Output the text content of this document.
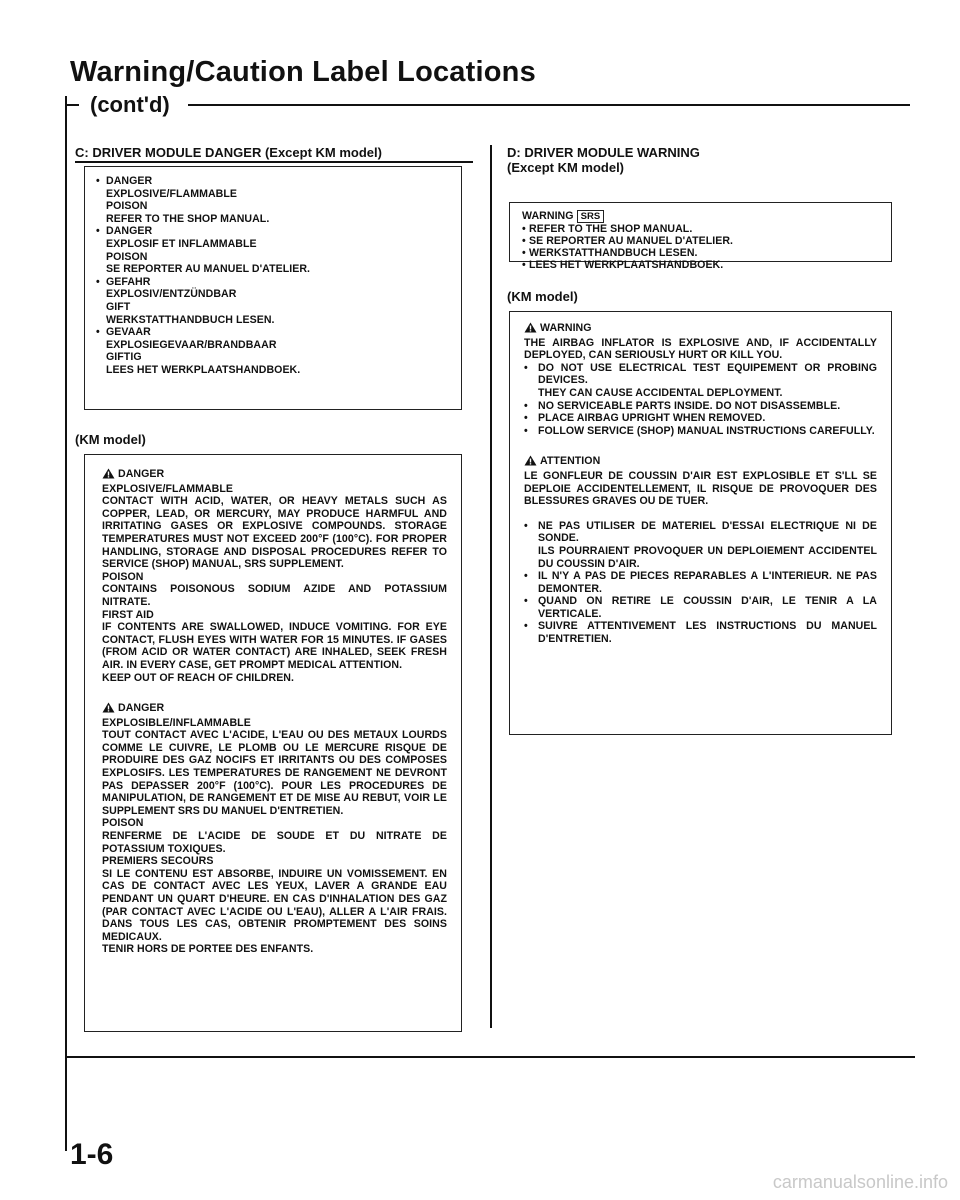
Warning/Caution Label Locations
(cont'd)
C: DRIVER MODULE DANGER (Except KM model)
• DANGER
EXPLOSIVE/FLAMMABLE
POISON
REFER TO THE SHOP MANUAL.
• DANGER
EXPLOSIF ET INFLAMMABLE
POISON
SE REPORTER AU MANUEL D'ATELIER.
• GEFAHR
EXPLOSIV/ENTZÜNDBAR
GIFT
WERKSTATTHANDBUCH LESEN.
• GEVAAR
EXPLOSIEGEVAAR/BRANDBAAR
GIFTIG
LEES HET WERKPLAATSHANDBOEK.
(KM model)

DANGER

EXPLOSIVE/FLAMMABLE

CONTACT WITH ACID, WATER, OR HEAVY METALS SUCH AS COPPER, LEAD, OR MERCURY, MAY PRODUCE HARMFUL AND IRRITATING GASES OR EXPLOSIVE COMPOUNDS. STORAGE TEMPERATURES MUST NOT EXCEED 200°F (100°C). FOR PROPER HANDLING, STORAGE AND DISPOSAL PROCEDURES REFER TO SERVICE (SHOP) MANUAL, SRS SUPPLEMENT.

POISON

CONTAINS POISONOUS SODIUM AZIDE AND POTASSIUM NITRATE.

FIRST AID

IF CONTENTS ARE SWALLOWED, INDUCE VOMITING. FOR EYE CONTACT, FLUSH EYES WITH WATER FOR 15 MINUTES. IF GASES (FROM ACID OR WATER CONTACT) ARE INHALED, SEEK FRESH AIR. IN EVERY CASE, GET PROMPT MEDICAL ATTENTION.

KEEP OUT OF REACH OF CHILDREN.

DANGER

EXPLOSIBLE/INFLAMMABLE

TOUT CONTACT AVEC L'ACIDE, L'EAU OU DES METAUX LOURDS COMME LE CUIVRE, LE PLOMB OU LE MERCURE RISQUE DE PRODUIRE DES GAZ NOCIFS ET IRRITANTS OU DES COMPOSES EXPLOSIFS. LES TEMPERATURES DE RANGEMENT NE DEVRONT PAS DEPASSER 200°F (100°C). POUR LES PROCEDURES DE MANIPULATION, DE RANGEMENT ET DE MISE AU REBUT, VOIR LE SUPPLEMENT SRS DU MANUEL D'ENTRETIEN.

POISON

RENFERME DE L'ACIDE DE SOUDE ET DU NITRATE DE POTASSIUM TOXIQUES.

PREMIERS SECOURS

SI LE CONTENU EST ABSORBE, INDUIRE UN VOMISSEMENT. EN CAS DE CONTACT AVEC LES YEUX, LAVER A GRANDE EAU PENDANT UN QUART D'HEURE. EN CAS D'INHALATION DES GAZ (PAR CONTACT AVEC L'ACIDE OU L'EAU), ALLER A L'AIR FRAIS. DANS TOUS LES CAS, OBTENIR PROMPTEMENT DES SOINS MEDICAUX.

TENIR HORS DE PORTEE DES ENFANTS.

D: DRIVER MODULE WARNING
(Except KM model)

WARNING SRS

• REFER TO THE SHOP MANUAL.
• SE REPORTER AU MANUEL D'ATELIER.
• WERKSTATTHANDBUCH LESEN.
• LEES HET WERKPLAATSHANDBOEK.
(KM model)

WARNING

THE AIRBAG INFLATOR IS EXPLOSIVE AND, IF ACCIDENTALLY DEPLOYED, CAN SERIOUSLY HURT OR KILL YOU.

• DO NOT USE ELECTRICAL TEST EQUIPEMENT OR PROBING DEVICES.
THEY CAN CAUSE ACCIDENTAL DEPLOYMENT.
• NO SERVICEABLE PARTS INSIDE. DO NOT DISASSEMBLE.
• PLACE AIRBAG UPRIGHT WHEN REMOVED.
• FOLLOW SERVICE (SHOP) MANUAL INSTRUCTIONS CAREFULLY.

ATTENTION

LE GONFLEUR DE COUSSIN D'AIR EST EXPLOSIBLE ET S'LL SE DEPLOIE ACCIDENTELLEMENT, IL RISQUE DE PROVOQUER DES BLESSURES GRAVES OU DE TUER.

• NE PAS UTILISER DE MATERIEL D'ESSAI ELECTRIQUE NI DE SONDE.
ILS POURRAIENT PROVOQUER UN DEPLOIEMENT ACCIDENTEL DU COUSSIN D'AIR.
• IL N'Y A PAS DE PIECES REPARABLES A L'INTERIEUR. NE PAS DEMONTER.
• QUAND ON RETIRE LE COUSSIN D'AIR, LE TENIR A LA VERTICALE.
• SUIVRE ATTENTIVEMENT LES INSTRUCTIONS DU MANUEL D'ENTRETIEN.
1-6
carmanualsonline.info
